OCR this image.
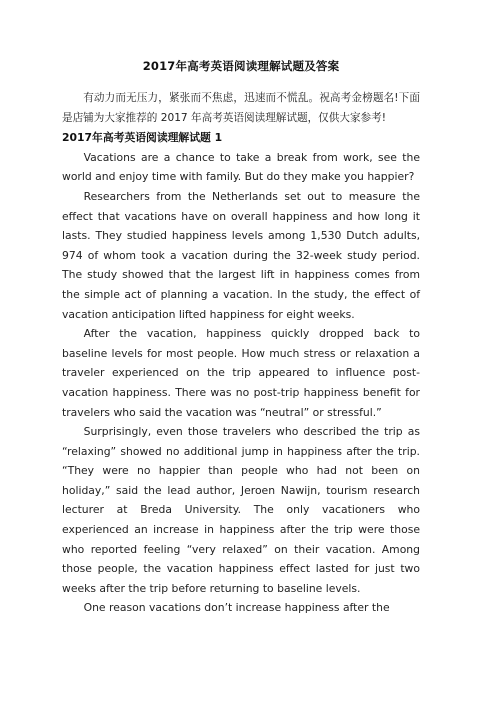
2017年高考英语阅读理解试题及答案

有动力而无压力，紧张而不焦虑，迅速而不慌乱。祝高考金榜题名!下面是店铺为大家推荐的 2017 年高考英语阅读理解试题，仅供大家参考!

2017年高考英语阅读理解试题 1

Vacations are a chance to take a break from work, see the world and enjoy time with family. But do they make you happier?

Researchers from the Netherlands set out to measure the effect that vacations have on overall happiness and how long it lasts. They studied happiness levels among 1,530 Dutch adults, 974 of whom took a vacation during the 32-week study period. The study showed that the largest lift in happiness comes from the simple act of planning a vacation. In the study, the effect of vacation anticipation lifted happiness for eight weeks.

After the vacation, happiness quickly dropped back to baseline levels for most people. How much stress or relaxation a traveler experienced on the trip appeared to influence post-vacation happiness. There was no post-trip happiness benefit for travelers who said the vacation was “neutral” or stressful.”

Surprisingly, even those travelers who described the trip as “relaxing” showed no additional jump in happiness after the trip. “They were no happier than people who had not been on holiday,” said the lead author, Jeroen Nawijn, tourism research lecturer at Breda University. The only vacationers who experienced an increase in happiness after the trip were those who reported feeling “very relaxed” on their vacation. Among those people, the vacation happiness effect lasted for just two weeks after the trip before returning to baseline levels.

One reason vacations don’t increase happiness after the
